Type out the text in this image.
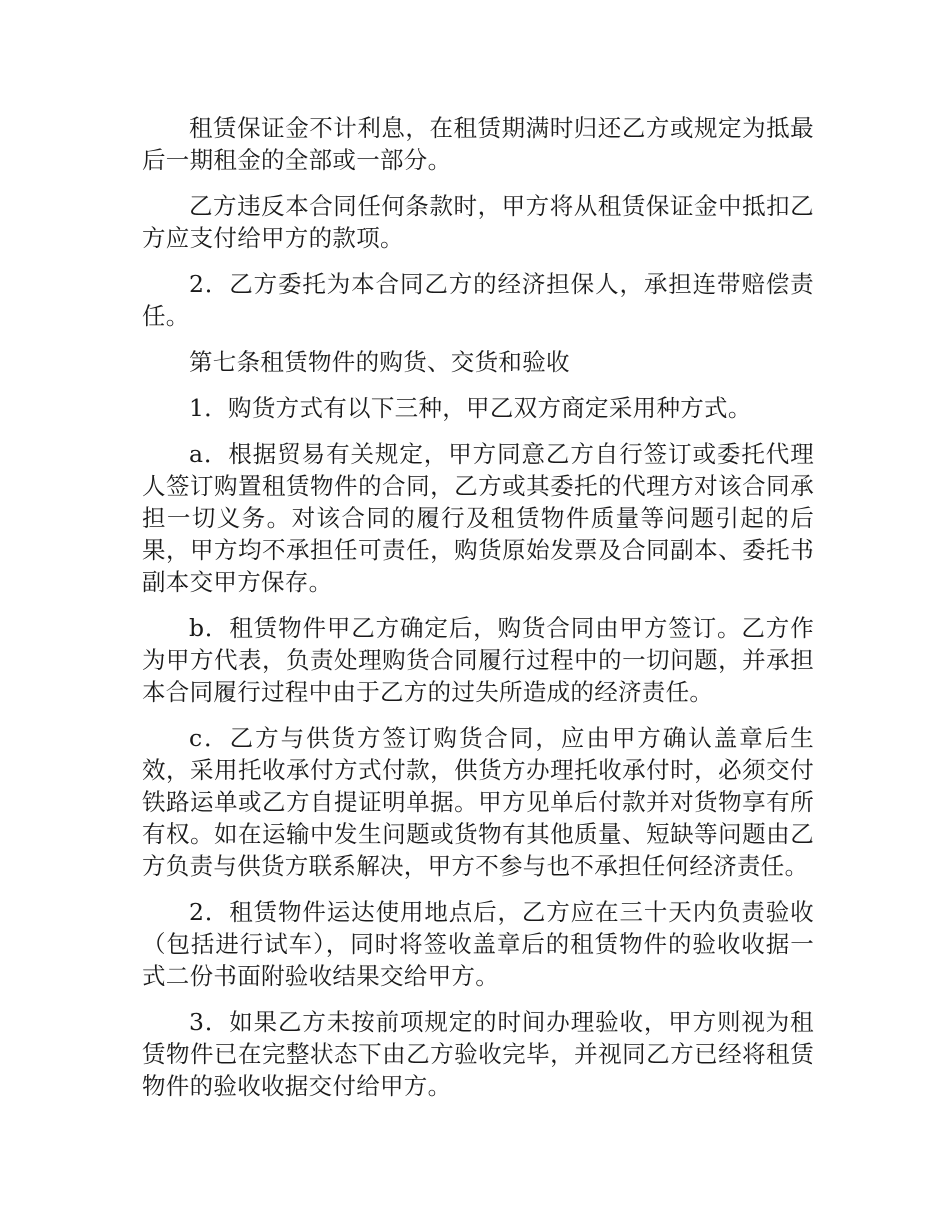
租赁保证金不计利息，在租赁期满时归还乙方或规定为抵最后一期租金的全部或一部分。

乙方违反本合同任何条款时，甲方将从租赁保证金中抵扣乙方应支付给甲方的款项。

2．乙方委托为本合同乙方的经济担保人，承担连带赔偿责任。

第七条租赁物件的购货、交货和验收

1．购货方式有以下三种，甲乙双方商定采用种方式。

a．根据贸易有关规定，甲方同意乙方自行签订或委托代理人签订购置租赁物件的合同，乙方或其委托的代理方对该合同承担一切义务。对该合同的履行及租赁物件质量等问题引起的后果，甲方均不承担任可责任，购货原始发票及合同副本、委托书副本交甲方保存。

b．租赁物件甲乙方确定后，购货合同由甲方签订。乙方作为甲方代表，负责处理购货合同履行过程中的一切问题，并承担本合同履行过程中由于乙方的过失所造成的经济责任。

c．乙方与供货方签订购货合同，应由甲方确认盖章后生效，采用托收承付方式付款，供货方办理托收承付时，必须交付铁路运单或乙方自提证明单据。甲方见单后付款并对货物享有所有权。如在运输中发生问题或货物有其他质量、短缺等问题由乙方负责与供货方联系解决，甲方不参与也不承担任何经济责任。

2．租赁物件运达使用地点后，乙方应在三十天内负责验收（包括进行试车），同时将签收盖章后的租赁物件的验收收据一式二份书面附验收结果交给甲方。

3．如果乙方未按前项规定的时间办理验收，甲方则视为租赁物件已在完整状态下由乙方验收完毕，并视同乙方已经将租赁物件的验收收据交付给甲方。
